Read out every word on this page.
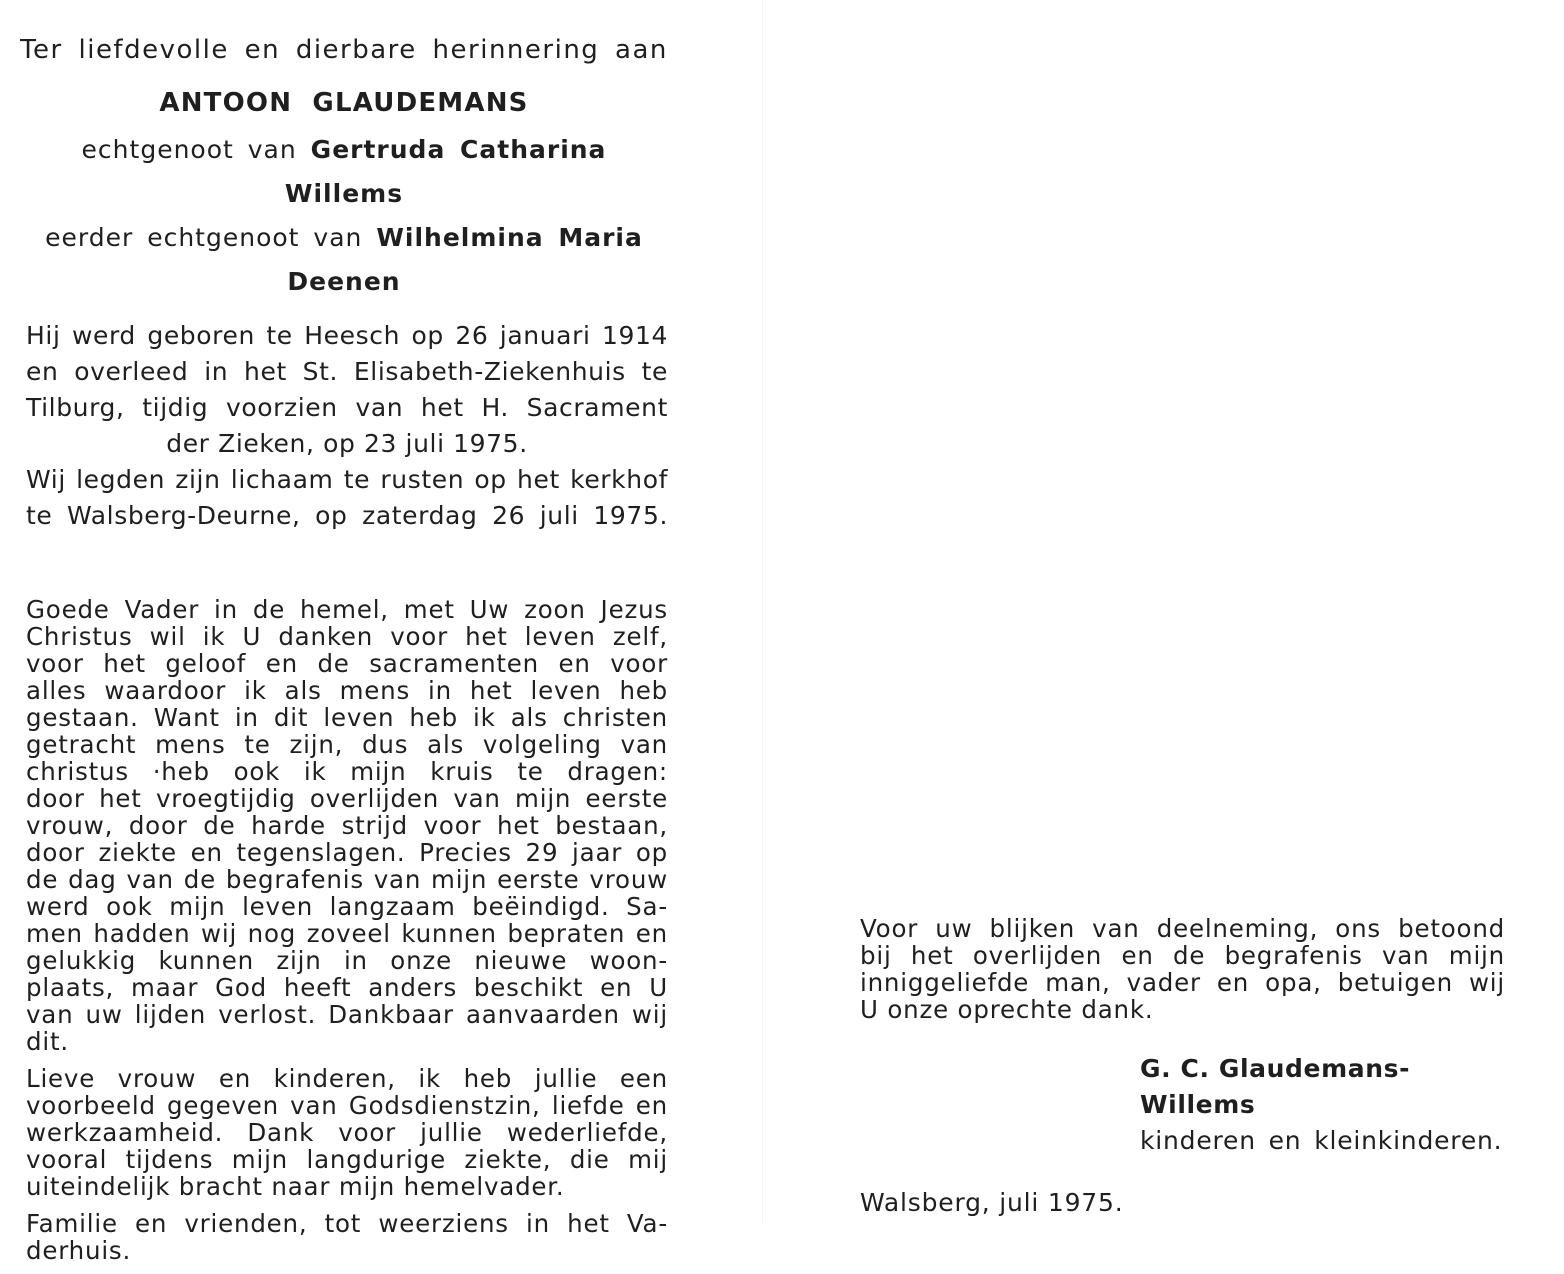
Ter liefdevolle en dierbare herinnering aan

ANTOON GLAUDEMANS

echtgenoot van Gertruda Catharina Willems

eerder echtgenoot van Wilhelmina Maria Deenen

Hij werd geboren te Heesch op 26 januari 1914
en overleed in het St. Elisabeth-Ziekenhuis te
Tilburg, tijdig voorzien van het H. Sacrament
der Zieken, op 23 juli 1975.
Wij legden zijn lichaam te rusten op het kerkhof
te Walsberg-Deurne, op zaterdag 26 juli 1975.
Goede Vader in de hemel, met Uw zoon Jezus
Christus wil ik U danken voor het leven zelf,
voor het geloof en de sacramenten en voor
alles waardoor ik als mens in het leven heb
gestaan. Want in dit leven heb ik als christen
getracht mens te zijn, dus als volgeling van
christus ·heb ook ik mijn kruis te dragen:
door het vroegtijdig overlijden van mijn eerste
vrouw, door de harde strijd voor het bestaan,
door ziekte en tegenslagen. Precies 29 jaar op
de dag van de begrafenis van mijn eerste vrouw
werd ook mijn leven langzaam beëindigd. Sa-
men hadden wij nog zoveel kunnen bepraten en
gelukkig kunnen zijn in onze nieuwe woon-
plaats, maar God heeft anders beschikt en U
van uw lijden verlost. Dankbaar aanvaarden wij
dit.
Lieve vrouw en kinderen, ik heb jullie een
voorbeeld gegeven van Godsdienstzin, liefde en
werkzaamheid. Dank voor jullie wederliefde,
vooral tijdens mijn langdurige ziekte, die mij
uiteindelijk bracht naar mijn hemelvader.
Familie en vrienden, tot weerziens in het Va-
derhuis.
Voor uw blijken van deelneming, ons betoond
bij het overlijden en de begrafenis van mijn
inniggeliefde man, vader en opa, betuigen wij
U onze oprechte dank.
G. C. Glaudemans-Willems
kinderen en kleinkinderen.
Walsberg, juli 1975.
